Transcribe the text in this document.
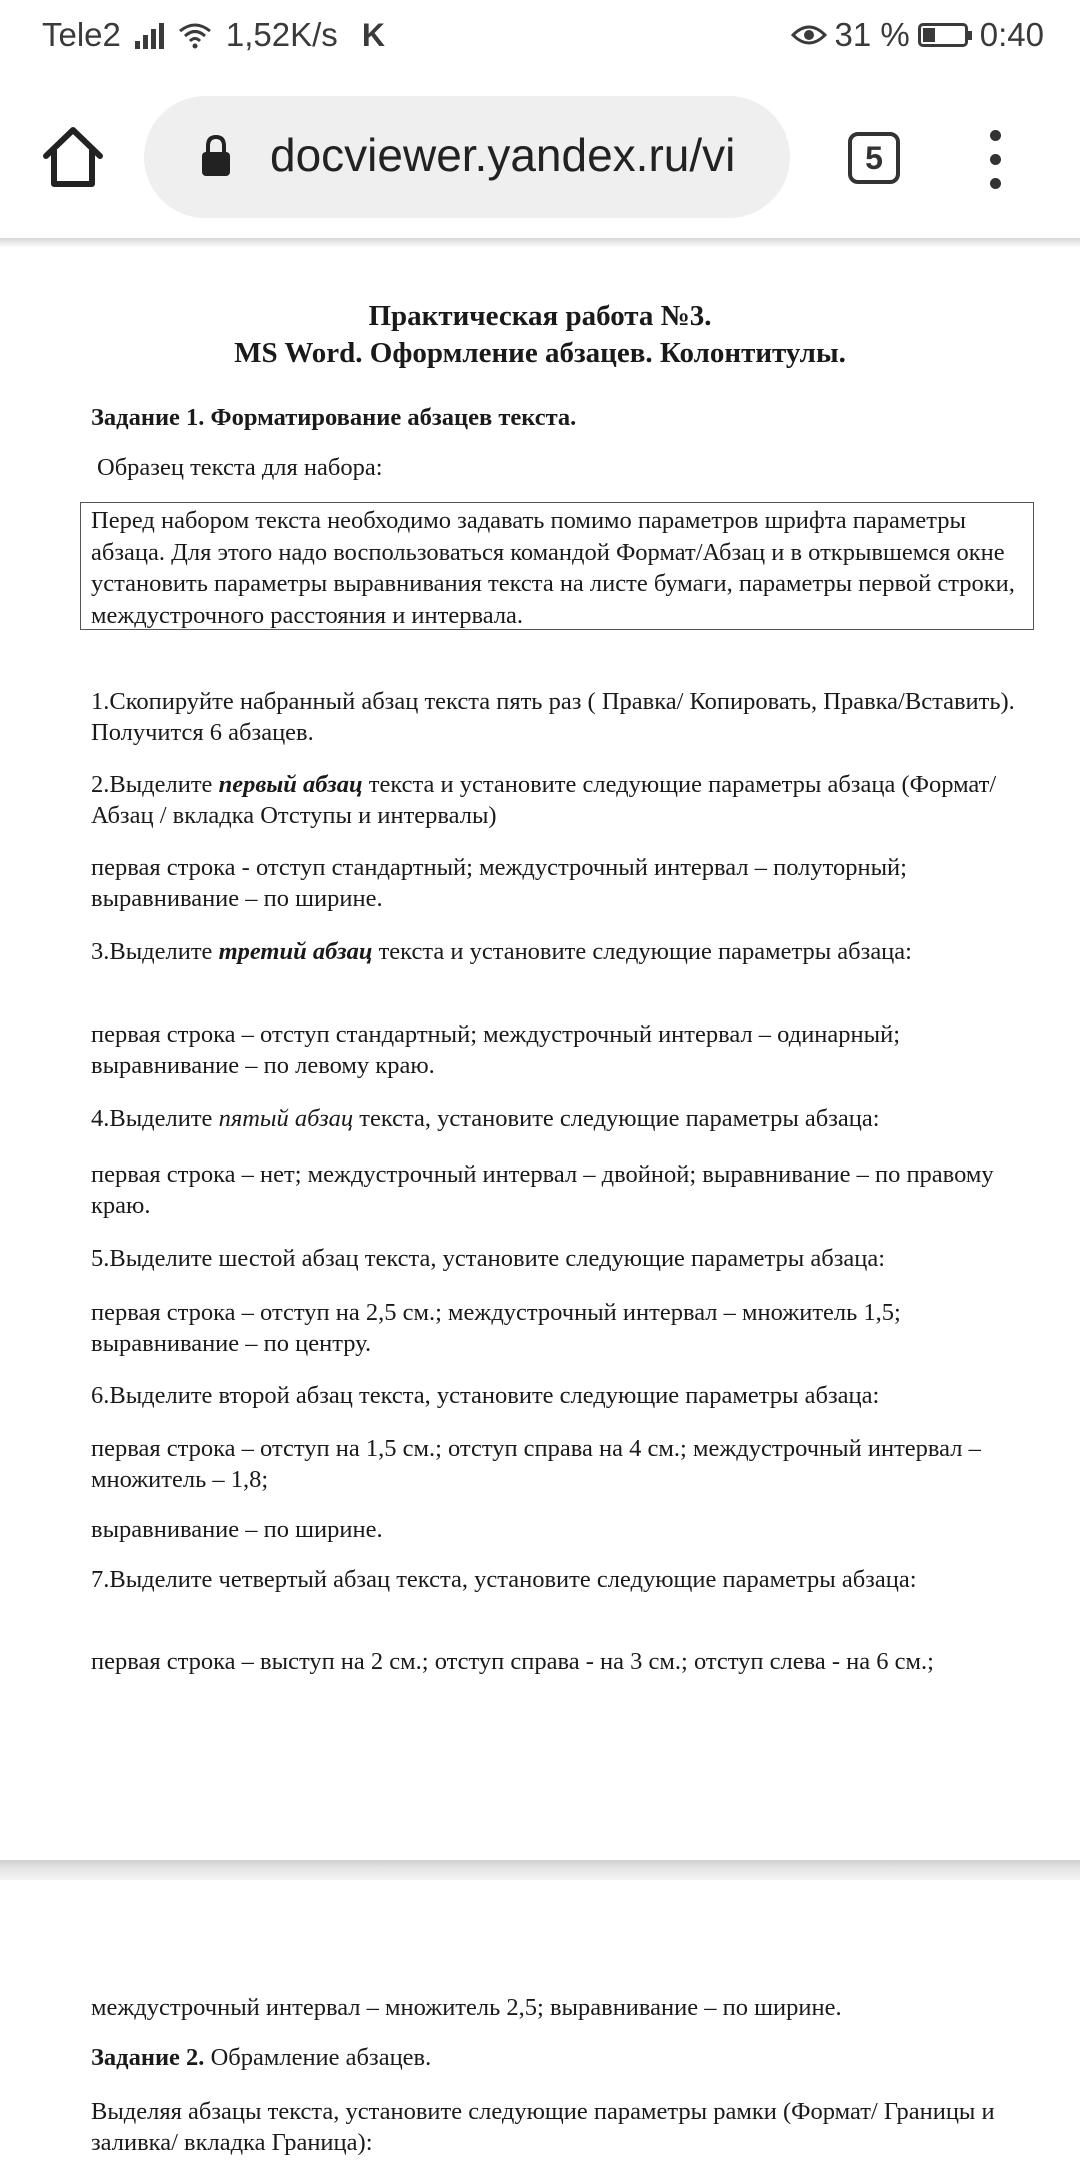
Tele2	1,52K/s K	31 % 0:40
docviewer.yandex.ru/vi	5
Практическая работа №3.
MS Word. Оформление абзацев. Колонтитулы.
Задание 1. Форматирование абзацев текста.
Образец текста для набора:
Перед набором текста необходимо задавать помимо параметров шрифта параметры абзаца. Для этого надо воспользоваться командой Формат/Абзац и в открывшемся окне установить параметры выравнивания текста на листе бумаги, параметры первой строки, междустрочного расстояния и интервала.
1.Скопируйте набранный абзац текста пять раз ( Правка/ Копировать, Правка/Вставить). Получится 6 абзацев.
2.Выделите первый абзац текста и установите следующие параметры абзаца (Формат/ Абзац / вкладка Отступы и интервалы)
первая строка - отступ стандартный; междустрочный интервал – полуторный; выравнивание – по ширине.
3.Выделите третий абзац текста и установите следующие параметры абзаца:
первая строка – отступ стандартный; междустрочный интервал – одинарный; выравнивание – по левому краю.
4.Выделите пятый абзац текста, установите следующие параметры абзаца:
первая строка – нет; междустрочный интервал – двойной; выравнивание – по правому краю.
5.Выделите шестой абзац текста, установите следующие параметры абзаца:
первая строка – отступ на 2,5 см.; междустрочный интервал – множитель 1,5; выравнивание – по центру.
6.Выделите второй абзац текста, установите следующие параметры абзаца:
первая строка – отступ на 1,5 см.; отступ справа на 4 см.; междустрочный интервал – множитель – 1,8;
выравнивание – по ширине.
7.Выделите четвертый абзац текста, установите следующие параметры абзаца:
первая строка – выступ на 2 см.; отступ справа - на 3 см.; отступ слева - на 6 см.;
междустрочный интервал – множитель 2,5; выравнивание – по ширине.
Задание 2. Обрамление абзацев.
Выделяя абзацы текста, установите следующие параметры рамки (Формат/ Границы и заливка/ вкладка Граница):
